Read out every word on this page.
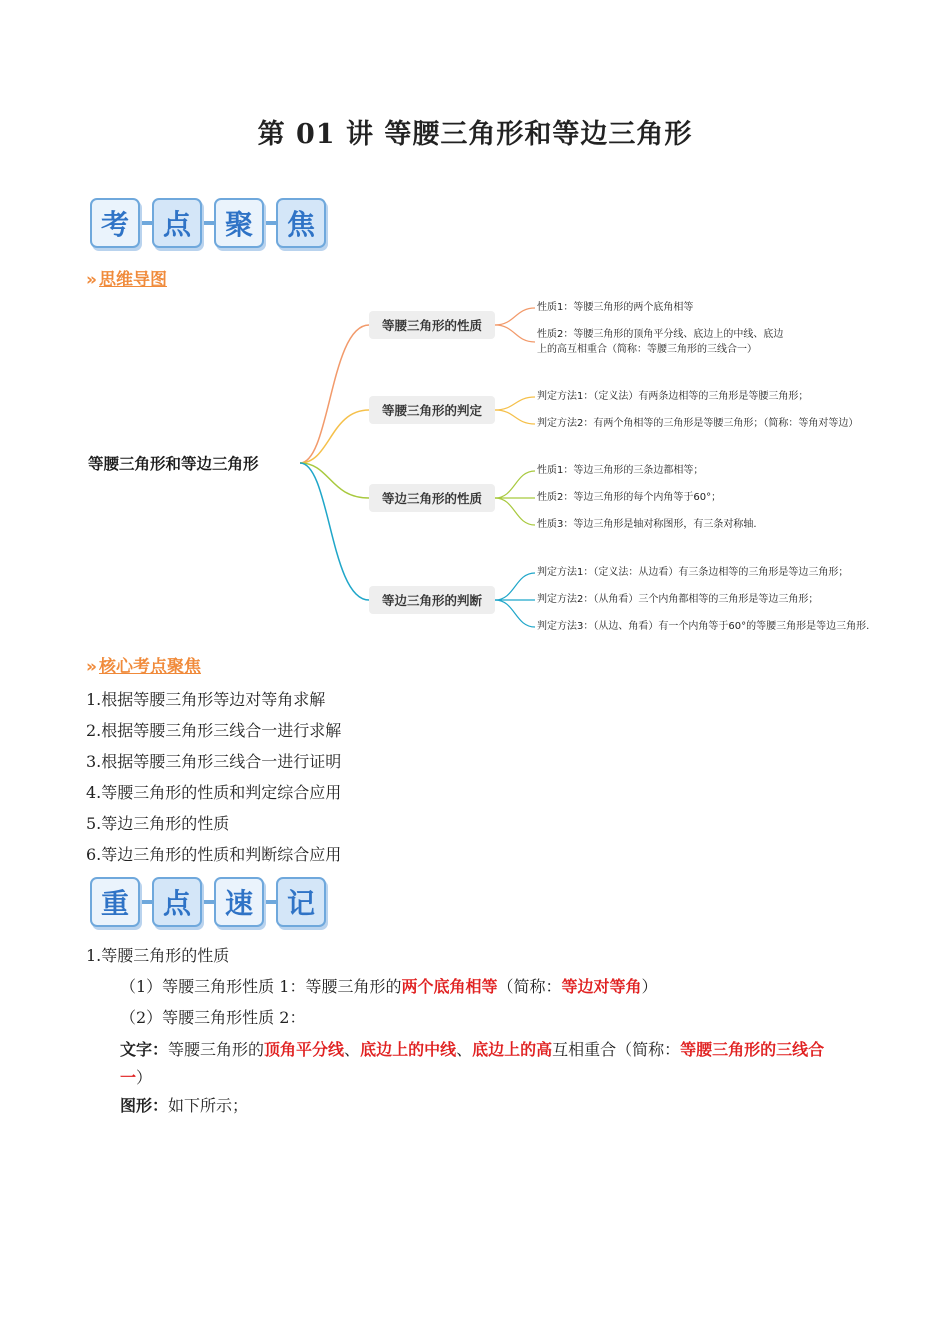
第 01 讲 等腰三角形和等边三角形
考	点	聚	焦
» 思维导图
等腰三角形和等边三角形
等腰三角形的性质
等腰三角形的判定
等边三角形的性质
等边三角形的判断
性质1：等腰三角形的两个底角相等
性质2：等腰三角形的顶角平分线、底边上的中线、底边
上的高互相重合（简称：等腰三角形的三线合一）
判定方法1：（定义法）有两条边相等的三角形是等腰三角形；
判定方法2：有两个角相等的三角形是等腰三角形；（简称：等角对等边）
性质1：等边三角形的三条边都相等；
性质2：等边三角形的每个内角等于60°；
性质3：等边三角形是轴对称图形，有三条对称轴.
判定方法1：（定义法：从边看）有三条边相等的三角形是等边三角形；
判定方法2：（从角看）三个内角都相等的三角形是等边三角形；
判定方法3：（从边、角看）有一个内角等于60°的等腰三角形是等边三角形.
» 核心考点聚焦
1.根据等腰三角形等边对等角求解
2.根据等腰三角形三线合一进行求解
3.根据等腰三角形三线合一进行证明
4.等腰三角形的性质和判定综合应用
5.等边三角形的性质
6.等边三角形的性质和判断综合应用
重	点	速	记
1.等腰三角形的性质
（1）等腰三角形性质 1：等腰三角形的两个底角相等（简称：等边对等角）
（2）等腰三角形性质 2：
文字：等腰三角形的顶角平分线、底边上的中线、底边上的高互相重合（简称：等腰三角形的三线合
一）
图形：如下所示；
